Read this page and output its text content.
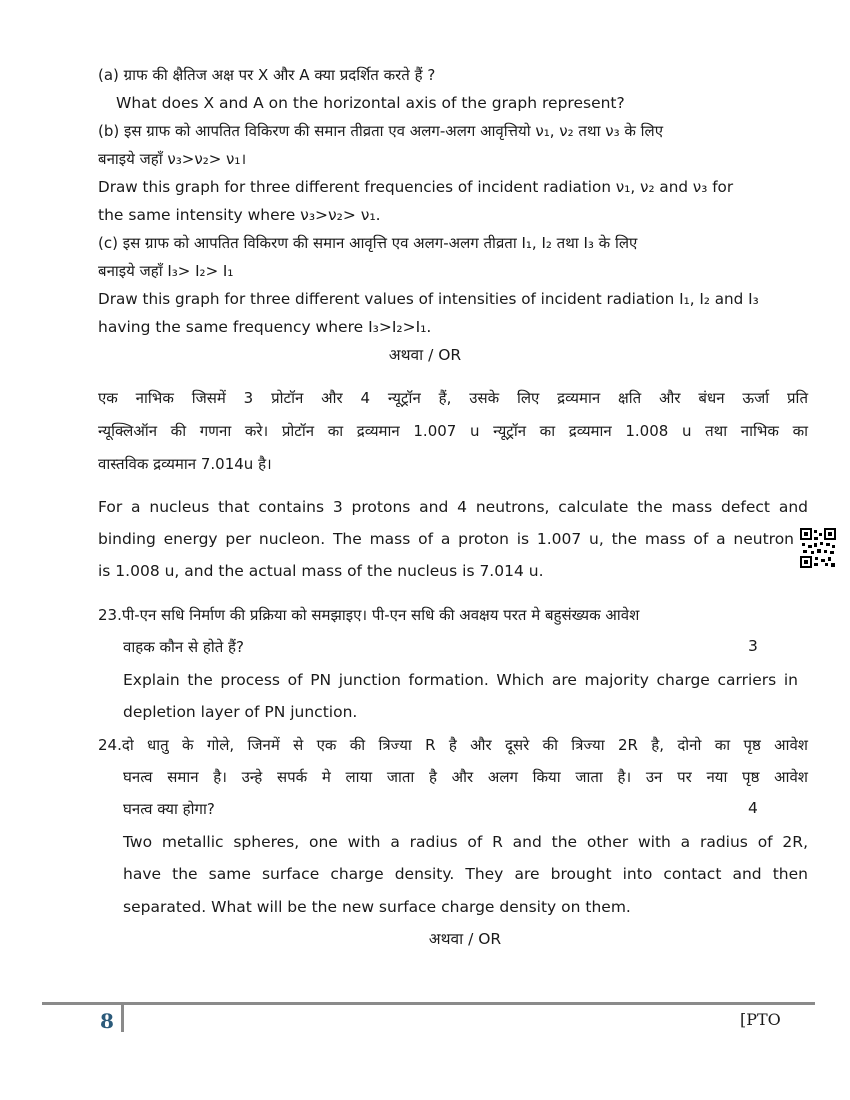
(a) ग्राफ की क्षैतिज अक्ष पर X और A क्या प्रदर्शित करते हैं ?
What does X and A on the horizontal axis of the graph represent?
(b) इस ग्राफ को आपतित विकिरण की समान तीव्रता एव अलग-अलग आवृत्तियो ν₁, ν₂ तथा ν₃ के लिए
बनाइये जहाँ ν₃>ν₂> ν₁।
Draw this graph for three different frequencies of incident radiation ν₁, ν₂ and ν₃ for
the same intensity where ν₃>ν₂> ν₁.
(c) इस ग्राफ को आपतित विकिरण की समान आवृत्ति एव अलग-अलग तीव्रता I₁, I₂ तथा I₃ के लिए
बनाइये जहाँ I₃> I₂> I₁
Draw this graph for three different values of intensities of incident radiation I₁, I₂ and I₃
having the same frequency where I₃>I₂>I₁.
अथवा / OR
एक नाभिक जिसमें 3 प्रोटॉन और 4 न्यूट्रॉन हैं, उसके लिए द्रव्यमान क्षति और बंधन ऊर्जा प्रति
न्यूक्लिऑन की गणना करे। प्रोटॉन का द्रव्यमान 1.007 u न्यूट्रॉन का द्रव्यमान 1.008 u तथा नाभिक का
वास्तविक द्रव्यमान 7.014u है।
For a nucleus that contains 3 protons and 4 neutrons, calculate the mass defect and
binding energy per nucleon. The mass of a proton is 1.007 u, the mass of a neutron
is 1.008 u, and the actual mass of the nucleus is 7.014 u.
23.पी-एन सधि निर्माण की प्रक्रिया को समझाइए। पी-एन सधि की अवक्षय परत मे बहुसंख्यक आवेश
वाहक कौन से होते हैं?	3
Explain the process of PN junction formation. Which are majority charge carriers in
depletion layer of PN junction.
24.दो धातु के गोले, जिनमें से एक की त्रिज्या R है और दूसरे की त्रिज्या 2R है, दोनो का पृष्ठ आवेश
घनत्व समान है। उन्हे सपर्क मे लाया जाता है और अलग किया जाता है। उन पर नया पृष्ठ आवेश
घनत्व क्या होगा?	4
Two metallic spheres, one with a radius of R and the other with a radius of 2R,
have the same surface charge density. They are brought into contact and then
separated. What will be the new surface charge density on them.
अथवा / OR
8	[PTO
